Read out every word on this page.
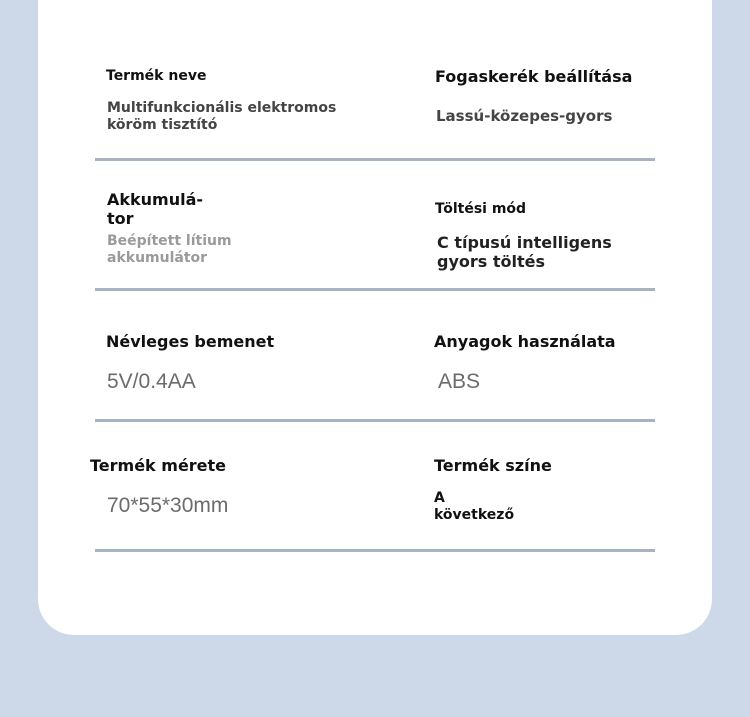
Termék neve
Multifunkcionális elektromos köröm tisztító
Fogaskerék beállítása
Lassú-közepes-gyors
Akkumulá-tor
Beépített lítium akkumulátor
Töltési mód
C típusú intelligens gyors töltés
Névleges bemenet
5V/0.4AA
Anyagok használata
ABS
Termék mérete
70*55*30mm
Termék színe
A következő
